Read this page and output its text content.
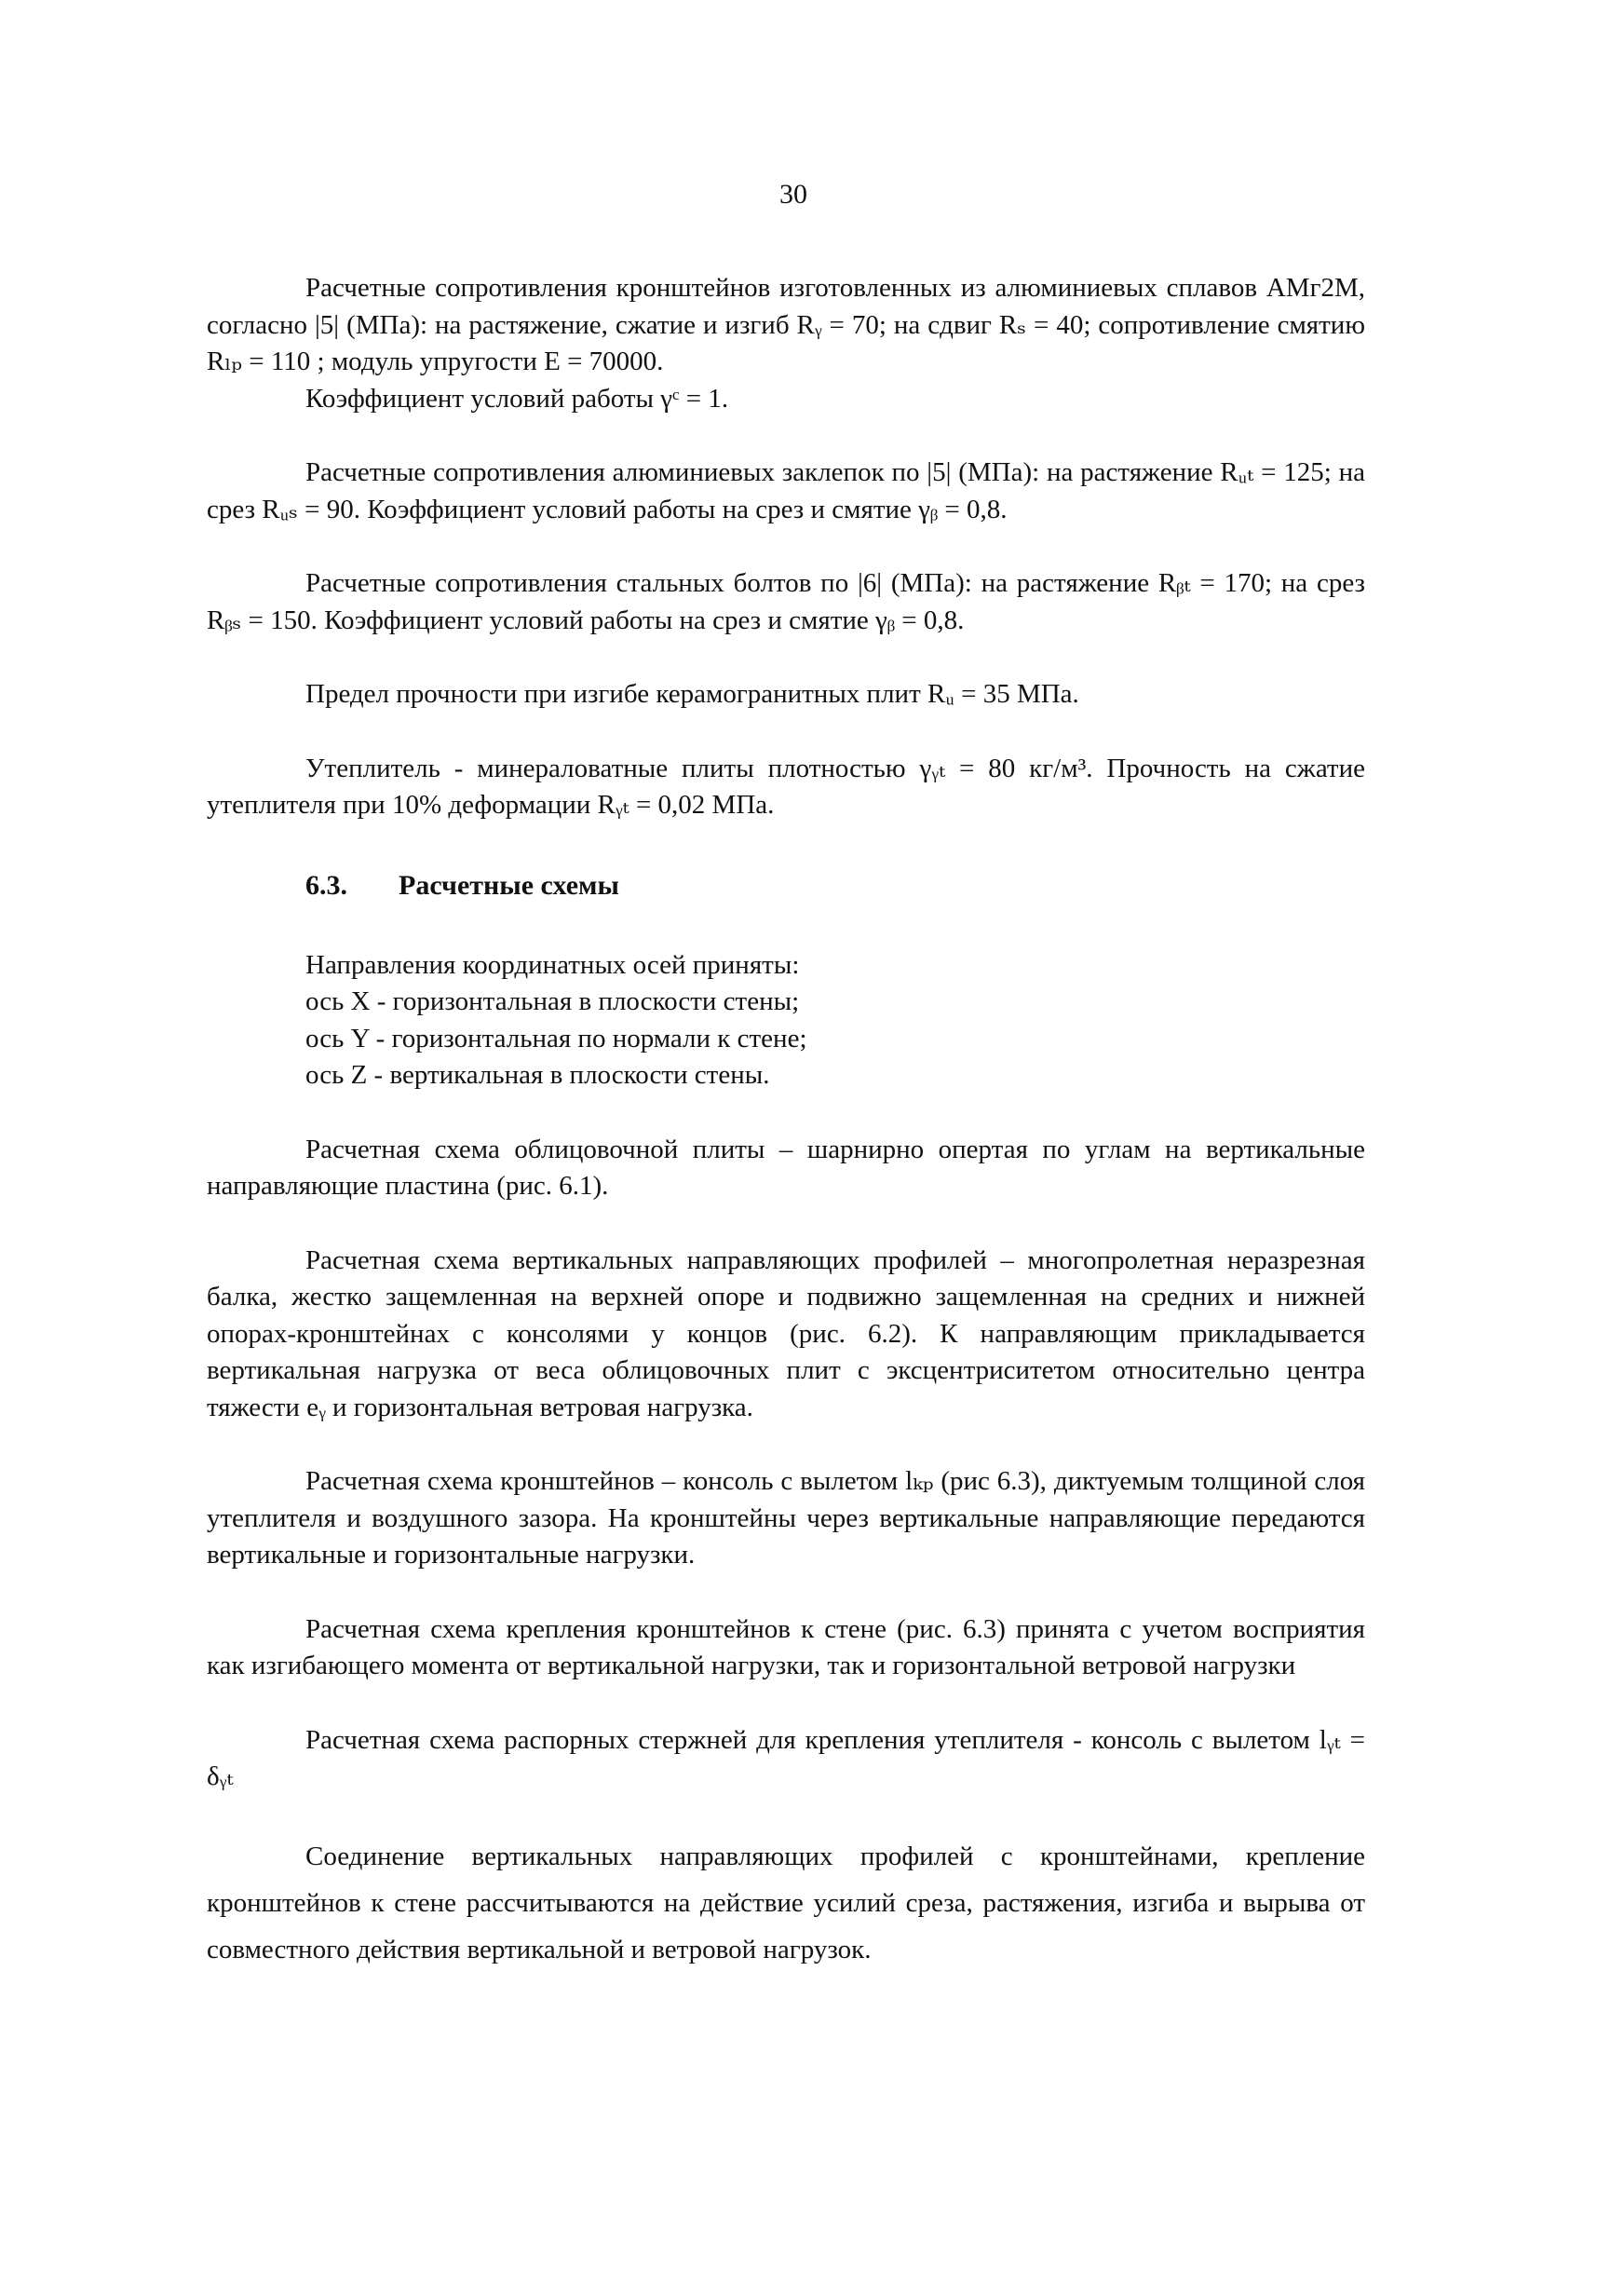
30

Расчетные сопротивления кронштейнов изготовленных из алюминиевых сплавов АМг2М, согласно |5| (МПа): на растяжение, сжатие и изгиб Rᵧ = 70; на сдвиг Rₛ = 40; сопротивление смятию Rₗₚ = 110 ; модуль упругости Е = 70000.

Коэффициент условий работы γᶜ = 1.

Расчетные сопротивления алюминиевых заклепок по |5| (МПа): на растяжение Rᵤₜ = 125; на срез Rᵤₛ = 90. Коэффициент условий работы на срез и смятие γᵦ = 0,8.

Расчетные сопротивления стальных болтов по |6| (МПа): на растяжение Rᵦₜ = 170; на срез Rᵦₛ = 150. Коэффициент условий работы на срез и смятие γᵦ = 0,8.

Предел прочности при изгибе керамогранитных плит Rᵤ = 35 МПа.

Утеплитель - минераловатные плиты плотностью γᵧₜ = 80 кг/м³. Прочность на сжатие утеплителя при 10% деформации Rᵧₜ = 0,02 МПа.

6.3. Расчетные схемы
Направления координатных осей приняты:
ось X - горизонтальная в плоскости стены;
ось Y - горизонтальная по нормали к стене;
ось Z - вертикальная в плоскости стены.

Расчетная схема облицовочной плиты – шарнирно опертая по углам на вертикальные направляющие пластина (рис. 6.1).

Расчетная схема вертикальных направляющих профилей – многопролетная неразрезная балка, жестко защемленная на верхней опоре и подвижно защемленная на средних и нижней опорах-кронштейнах с консолями у концов (рис. 6.2). К направляющим прикладывается вертикальная нагрузка от веса облицовочных плит с эксцентриситетом относительно центра тяжести eᵧ и горизонтальная ветровая нагрузка.

Расчетная схема кронштейнов – консоль с вылетом lₖₚ (рис 6.3), диктуемым толщиной слоя утеплителя и воздушного зазора. На кронштейны через вертикальные направляющие передаются вертикальные и горизонтальные нагрузки.

Расчетная схема крепления кронштейнов к стене (рис. 6.3) принята с учетом восприятия как изгибающего момента от вертикальной нагрузки, так и горизонтальной ветровой нагрузки

Расчетная схема распорных стержней для крепления утеплителя - консоль с вылетом lᵧₜ = δᵧₜ

Соединение вертикальных направляющих профилей с кронштейнами, крепление кронштейнов к стене рассчитываются на действие усилий среза, растяжения, изгиба и вырыва от совместного действия вертикальной и ветровой нагрузок.
